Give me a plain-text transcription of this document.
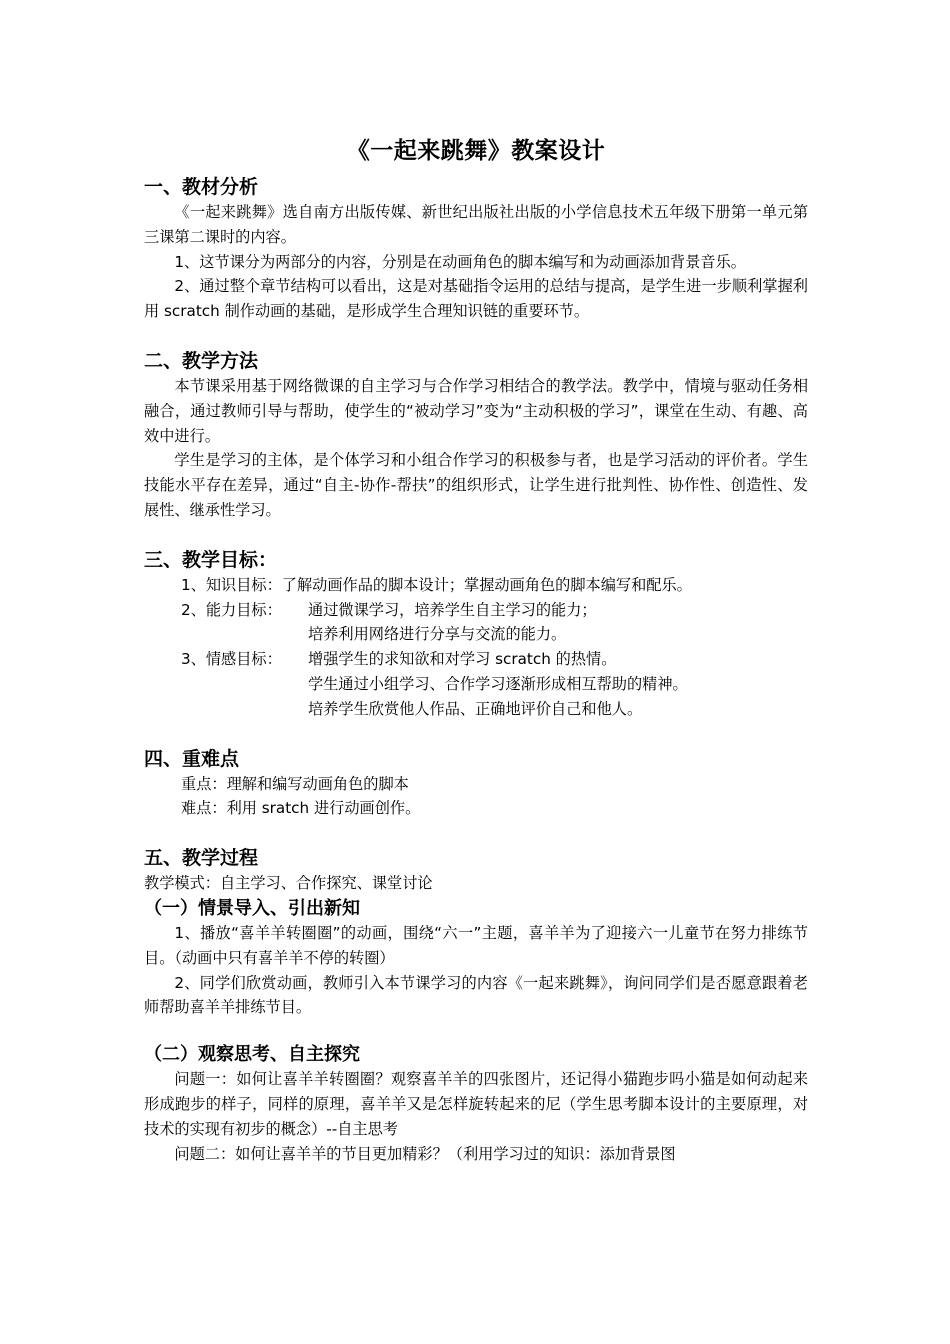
《一起来跳舞》教案设计
一、教材分析
《一起来跳舞》选自南方出版传媒、新世纪出版社出版的小学信息技术五年级下册第一单元第三课第二课时的内容。
1、这节课分为两部分的内容，分别是在动画角色的脚本编写和为动画添加背景音乐。
2、通过整个章节结构可以看出，这是对基础指令运用的总结与提高，是学生进一步顺利掌握利用 scratch 制作动画的基础，是形成学生合理知识链的重要环节。
二、教学方法
本节课采用基于网络微课的自主学习与合作学习相结合的教学法。教学中，情境与驱动任务相融合，通过教师引导与帮助，使学生的“被动学习”变为“主动积极的学习”，课堂在生动、有趣、高效中进行。
学生是学习的主体，是个体学习和小组合作学习的积极参与者，也是学习活动的评价者。学生技能水平存在差异，通过“自主-协作-帮扶”的组织形式，让学生进行批判性、协作性、创造性、发展性、继承性学习。
三、教学目标：
1、知识目标：了解动画作品的脚本设计；掌握动画角色的脚本编写和配乐。
2、能力目标：	通过微课学习，培养学生自主学习的能力；
培养利用网络进行分享与交流的能力。
3、情感目标：	增强学生的求知欲和对学习 scratch 的热情。
学生通过小组学习、合作学习逐渐形成相互帮助的精神。
培养学生欣赏他人作品、正确地评价自己和他人。
四、重难点
重点：理解和编写动画角色的脚本
难点：利用 sratch 进行动画创作。
五、教学过程
教学模式：自主学习、合作探究、课堂讨论
（一）情景导入、引出新知
1、播放“喜羊羊转圈圈”的动画，围绕“六一”主题，喜羊羊为了迎接六一儿童节在努力排练节目。（动画中只有喜羊羊不停的转圈）
2、同学们欣赏动画，教师引入本节课学习的内容《一起来跳舞》，询问同学们是否愿意跟着老师帮助喜羊羊排练节目。
（二）观察思考、自主探究
问题一：如何让喜羊羊转圈圈？观察喜羊羊的四张图片，还记得小猫跑步吗小猫是如何动起来形成跑步的样子，同样的原理，喜羊羊又是怎样旋转起来的尼（学生思考脚本设计的主要原理，对技术的实现有初步的概念）--自主思考
问题二：如何让喜羊羊的节目更加精彩？（利用学习过的知识：添加背景图
